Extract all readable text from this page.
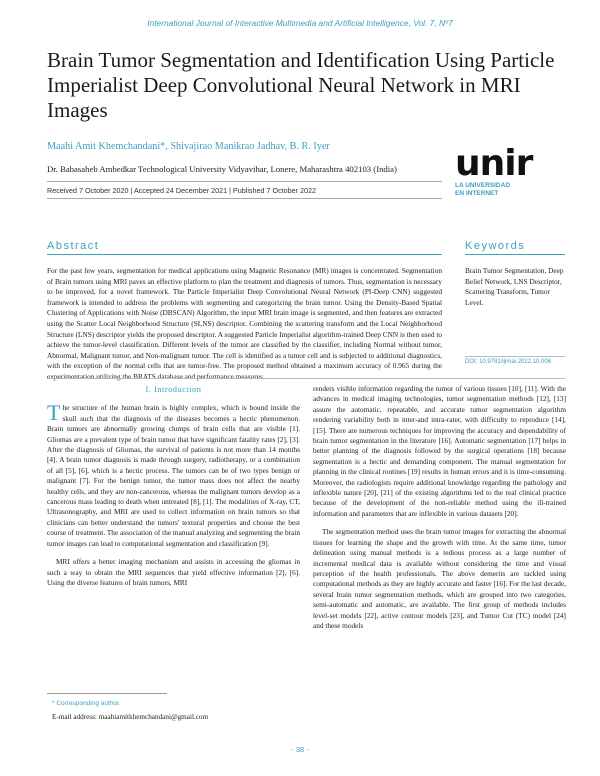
International Journal of Interactive Multimedia and Artificial Intelligence, Vol. 7, Nº7
Brain Tumor Segmentation and Identification Using Particle Imperialist Deep Convolutional Neural Network in MRI Images
Maahi Amit Khemchandani*, Shivajirao Manikrao Jadhav, B. R. Iyer
Dr. Babasaheb Ambedkar Technological University Vidyavihar, Lonere, Maharashtra 402103 (India)
Received 7 October 2020 | Accepted 24 December 2021 | Published 7 October 2022
unir
LA UNIVERSIDAD
EN INTERNET
Abstract
For the past few years, segmentation for medical applications using Magnetic Resonance (MR) images is concentrated. Segmentation of Brain tumors using MRI paves an effective platform to plan the treatment and diagnosis of tumors. Thus, segmentation is necessary to be improved, for a novel framework. The Particle Imperialist Deep Convolutional Neural Network (PI-Deep CNN) suggested framework is intended to address the problems with segmenting and categorizing the brain tumor. Using the Density-Based Spatial Clustering of Applications with Noise (DBSCAN) Algorithm, the input MRI brain image is segmented, and then features are extracted using the Scatter Local Neighborhood Structure (SLNS) descriptor. Combining the scattering transform and the Local Neighborhood Structure (LNS) descriptor yields the proposed descriptor. A suggested Particle Imperialist algorithm-trained Deep CNN is then used to achieve the tumor-level classification. Different levels of the tumor are classified by the classifier, including Normal without tumor, Abnormal, Malignant tumor, and Non-malignant tumor. The cell is identified as a tumor cell and is subjected to additional diagnostics, with the exception of the normal cells that are tumor-free. The proposed method obtained a maximum accuracy of 0.965 during the experimentation utilizing the BRATS database and performance measures.
Keywords
Brain Tumor Segmentation, Deep Belief Network, LNS Descriptor, Scattering Transform, Tumor Level.
DOI: 10.9781/ijimai.2022.10.006
I. Introduction

The structure of the human brain is highly complex, which is bound inside the skull such that the diagnosis of the diseases becomes a hectic phenomenon. Brain tumors are abnormally growing clumps of brain cells that are visible [1]. Gliomas are a prevalent type of brain tumor that have significant fatality rates [2], [3]. After the diagnosis of Gliomas, the survival of patients is not more than 14 months [4]. A brain tumor diagnosis is made through surgery, radiotherapy, or a combination of all [5], [6], which is a hectic process. The tumors can be of two types benign or malignant [7]. For the benign tumor, the tumor mass does not affect the nearby healthy cells, and they are non-cancerous, whereas the malignant tumors develop as a cancerous mass leading to death when untreated [8], [1]. The modalities of X-ray, CT, Ultrasonography, and MRI are used to collect information on brain tumors so that clinicians can better understand the tumors' textural properties and choose the best course of treatment. The association of the manual analyzing and segmenting the brain tumor images can lead to computational segmentation and classification [9].

MRI offers a better imaging mechanism and assists in accessing the gliomas in such a way to obtain the MRI sequences that yield effective information [2], [6]. Using the diverse features of brain tumors, MRI

renders visible information regarding the tumor of various tissues [10], [11]. With the advances in medical imaging technologies, tumor segmentation methods [12], [13] assure the automatic, repeatable, and accurate tumor segmentation algorithm rendering variability both in inter-and intra-rater, with difficulty to reproduce [14], [15]. There are numerous techniques for improving the accuracy and dependability of brain tumor segmentation in the literature [16]. Automatic segmentation [17] helps in better planning of the diagnosis followed by the surgical operations [18] because segmentation is a hectic and demanding component. The manual segmentation for planning in the clinical routines [19] results in human errors and it is time-consuming. Moreover, the radiologists require additional knowledge regarding the pathology and inflexible nature [20], [21] of the existing algorithms led to the real clinical practice because of the development of the non-reliable method using the ill-trained information and parameters that are inflexible in various datasets [20].

The segmentation method uses the brain tumor images for extracting the abnormal tissues for learning the shape and the growth with time. At the same time, tumor delineation using manual methods is a tedious process as a large number of incremental medical data is available without considering the time and visual perception of the health professionals. The above demerits are tackled using computational methods as they are highly accurate and faster [16]. For the last decade, several brain tumor segmentation methods, which are grouped into two categories, semi-automatic and automatic, are available. The first group of methods includes level-set models [22], active contour models [23], and Tumor Cut (TC) model [24] and these models

* Corresponding author.
E-mail address: maahiamitkhemchandani@gmail.com
- 38 -
